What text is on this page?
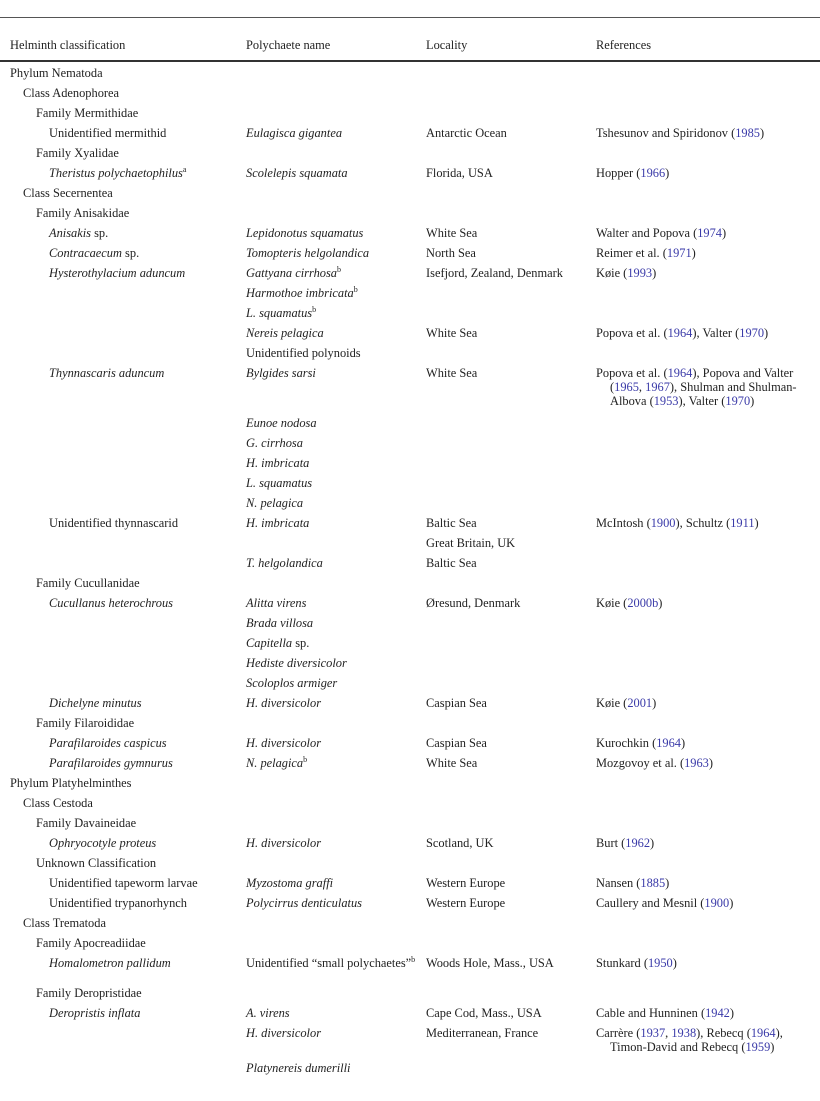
Helminth classification	Polychaete name	Locality	References
Phylum Nematoda			
Class Adenophorea			
Family Mermithidae			
Unidentified mermithid	Eulagisca gigantea	Antarctic Ocean	Tshesunov and Spiridonov (1985)

Family Xyalidae			
Theristus polychaetophilus$^a$	Scolelepis squamata	Florida, USA	Hopper (1966)

Class Secernentea			
Family Anisakidae			
Anisakis sp.	Lepidonotus squamatus	White Sea	Walter and Popova (1974)

Contracaecum sp.	Tomopteris helgolandica	North Sea	Reimer et al. (1971)

Hysterothylacium aduncum	Gattyana cirrhosa$^b$	Isefjord, Zealand, Denmark	Køie (1993)

	Harmothoe imbricata$^b$		
	L. squamatus$^b$		
	Nereis pelagica	White Sea	Popova et al. (1964), Valter (1970)

	Unidentified polynoids		
Thynnascaris aduncum	Bylgides sarsi	White Sea	Popova et al. (1964), Popova and Valter (1965, 1967), Shulman and Shulman-Albova (1953), Valter (1970)

	Eunoe nodosa		
	G. cirrhosa		
	H. imbricata		
	L. squamatus		
	N. pelagica		
Unidentified thynnascarid	H. imbricata	Baltic Sea	McIntosh (1900), Schultz (1911)

		Great Britain, UK	
	T. helgolandica	Baltic Sea	
Family Cucullanidae			
Cucullanus heterochrous	Alitta virens	Øresund, Denmark	Køie (2000b)

	Brada villosa		
	Capitella sp.		
	Hediste diversicolor		
	Scoloplos armiger		
Dichelyne minutus	H. diversicolor	Caspian Sea	Køie (2001)

Family Filaroididae			
Parafilaroides caspicus	H. diversicolor	Caspian Sea	Kurochkin (1964)

Parafilaroides gymnurus	N. pelagica$^b$	White Sea	Mozgovoy et al. (1963)

Phylum Platyhelminthes			
Class Cestoda			
Family Davaineidae			
Ophryocotyle proteus	H. diversicolor	Scotland, UK	Burt (1962)

Unknown Classification			
Unidentified tapeworm larvae	Myzostoma graffi	Western Europe	Nansen (1885)

Unidentified trypanorhynch	Polycirrus denticulatus	Western Europe	Caullery and Mesnil (1900)

Class Trematoda			
Family Apocreadiidae			
Homalometron pallidum	Unidentified “small polychaetes”$^b$	Woods Hole, Mass., USA	Stunkard (1950)

Family Deropristidae			
Deropristis inflata	A. virens	Cape Cod, Mass., USA	Cable and Hunninen (1942)

	H. diversicolor	Mediterranean, France	Carrère (1937, 1938), Rebecq (1964), Timon-David and Rebecq (1959)

	Platynereis dumerilli		
